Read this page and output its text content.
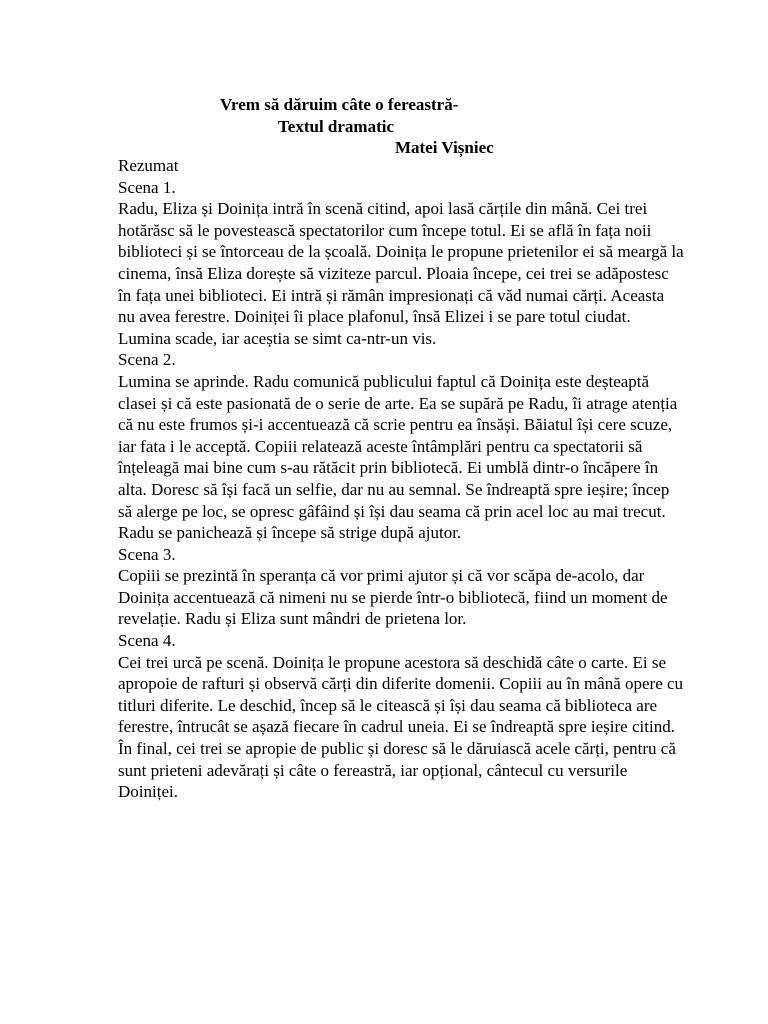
Vrem să dăruim câte o fereastră-
Textul dramatic
Matei Vișniec
Rezumat
Scena 1.
Radu, Eliza și Doinița intră în scenă citind, apoi lasă cărțile din mână. Cei trei
hotărăsc să le povestească spectatorilor cum începe totul. Ei se află în fața noii
biblioteci și se întorceau de la școală. Doinița le propune prietenilor ei să meargă la
cinema, însă Eliza dorește să viziteze parcul. Ploaia începe, cei trei se adăpostesc
în fața unei biblioteci. Ei intră și rămân impresionați că văd numai cărți. Aceasta
nu avea ferestre. Doiniței îi place plafonul, însă Elizei i se pare totul ciudat.
Lumina scade, iar aceștia se simt ca-ntr-un vis.
Scena 2.
Lumina se aprinde. Radu comunică publicului faptul că Doinița este deșteaptă
clasei și că este pasionată de o serie de arte. Ea se supără pe Radu, îi atrage atenția
că nu este frumos și-i accentuează că scrie pentru ea însăși. Băiatul își cere scuze,
iar fata i le acceptă. Copiii relatează aceste întâmplări pentru ca spectatorii să
înțeleagă mai bine cum s-au rătăcit prin bibliotecă. Ei umblă dintr-o încăpere în
alta. Doresc să își facă un selfie, dar nu au semnal. Se îndreaptă spre ieșire; încep
să alerge pe loc, se opresc gâfâind și își dau seama că prin acel loc au mai trecut.
Radu se panichează și începe să strige după ajutor.
Scena 3.
Copiii se prezintă în speranța că vor primi ajutor și că vor scăpa de-acolo, dar
Doinița accentuează că nimeni nu se pierde într-o bibliotecă, fiind un moment de
revelație. Radu și Eliza sunt mândri de prietena lor.
Scena 4.
Cei trei urcă pe scenă. Doinița le propune acestora să deschidă câte o carte. Ei se
apropoie de rafturi și observă cărți din diferite domenii. Copiii au în mână opere cu
titluri diferite. Le deschid, încep să le citească și își dau seama că biblioteca are
ferestre, întrucât se așază fiecare în cadrul uneia. Ei se îndreaptă spre ieșire citind.
În final, cei trei se apropie de public și doresc să le dăruiască acele cărți, pentru că
sunt prieteni adevărați și câte o fereastră, iar opțional, cântecul cu versurile
Doiniței.
